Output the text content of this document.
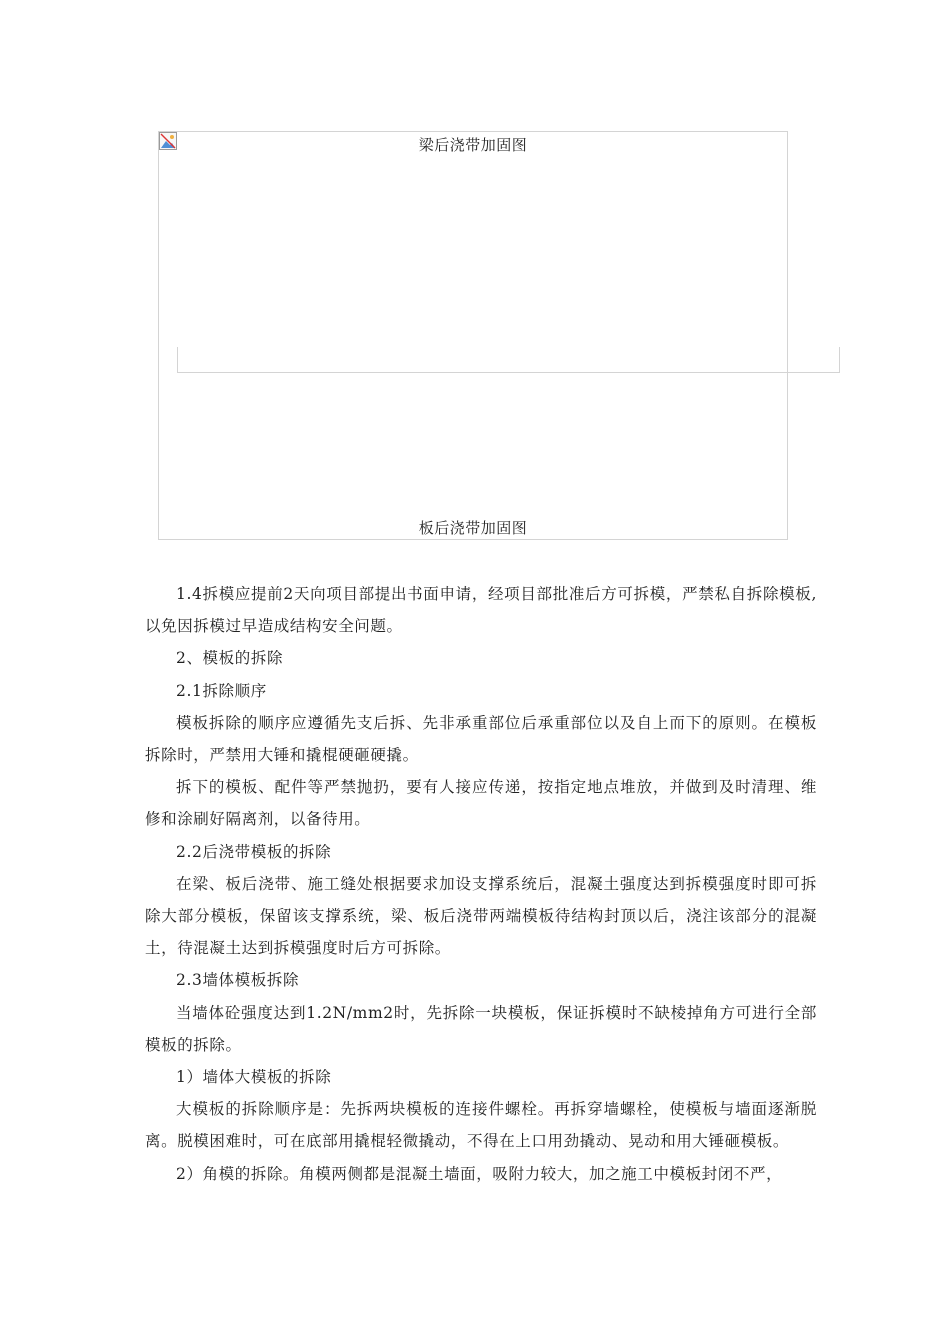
梁后浇带加固图
板后浇带加固图

1.4拆模应提前2天向项目部提出书面申请，经项目部批准后方可拆模，严禁私自拆除模板,以免因拆模过早造成结构安全问题。

2、模板的拆除

2.1拆除顺序

模板拆除的顺序应遵循先支后拆、先非承重部位后承重部位以及自上而下的原则。在模板拆除时，严禁用大锤和撬棍硬砸硬撬。

拆下的模板、配件等严禁抛扔，要有人接应传递，按指定地点堆放，并做到及时清理、维修和涂刷好隔离剂，以备待用。

2.2后浇带模板的拆除

在梁、板后浇带、施工缝处根据要求加设支撑系统后，混凝土强度达到拆模强度时即可拆除大部分模板，保留该支撑系统，梁、板后浇带两端模板待结构封顶以后，浇注该部分的混凝土，待混凝土达到拆模强度时后方可拆除。

2.3墙体模板拆除

当墙体砼强度达到1.2N/mm2时，先拆除一块模板，保证拆模时不缺棱掉角方可进行全部模板的拆除。

1）墙体大模板的拆除

大模板的拆除顺序是：先拆两块模板的连接件螺栓。再拆穿墙螺栓，使模板与墙面逐渐脱离。脱模困难时，可在底部用撬棍轻微撬动，不得在上口用劲撬动、晃动和用大锤砸模板。

2）角模的拆除。角模两侧都是混凝土墙面，吸附力较大，加之施工中模板封闭不严，
